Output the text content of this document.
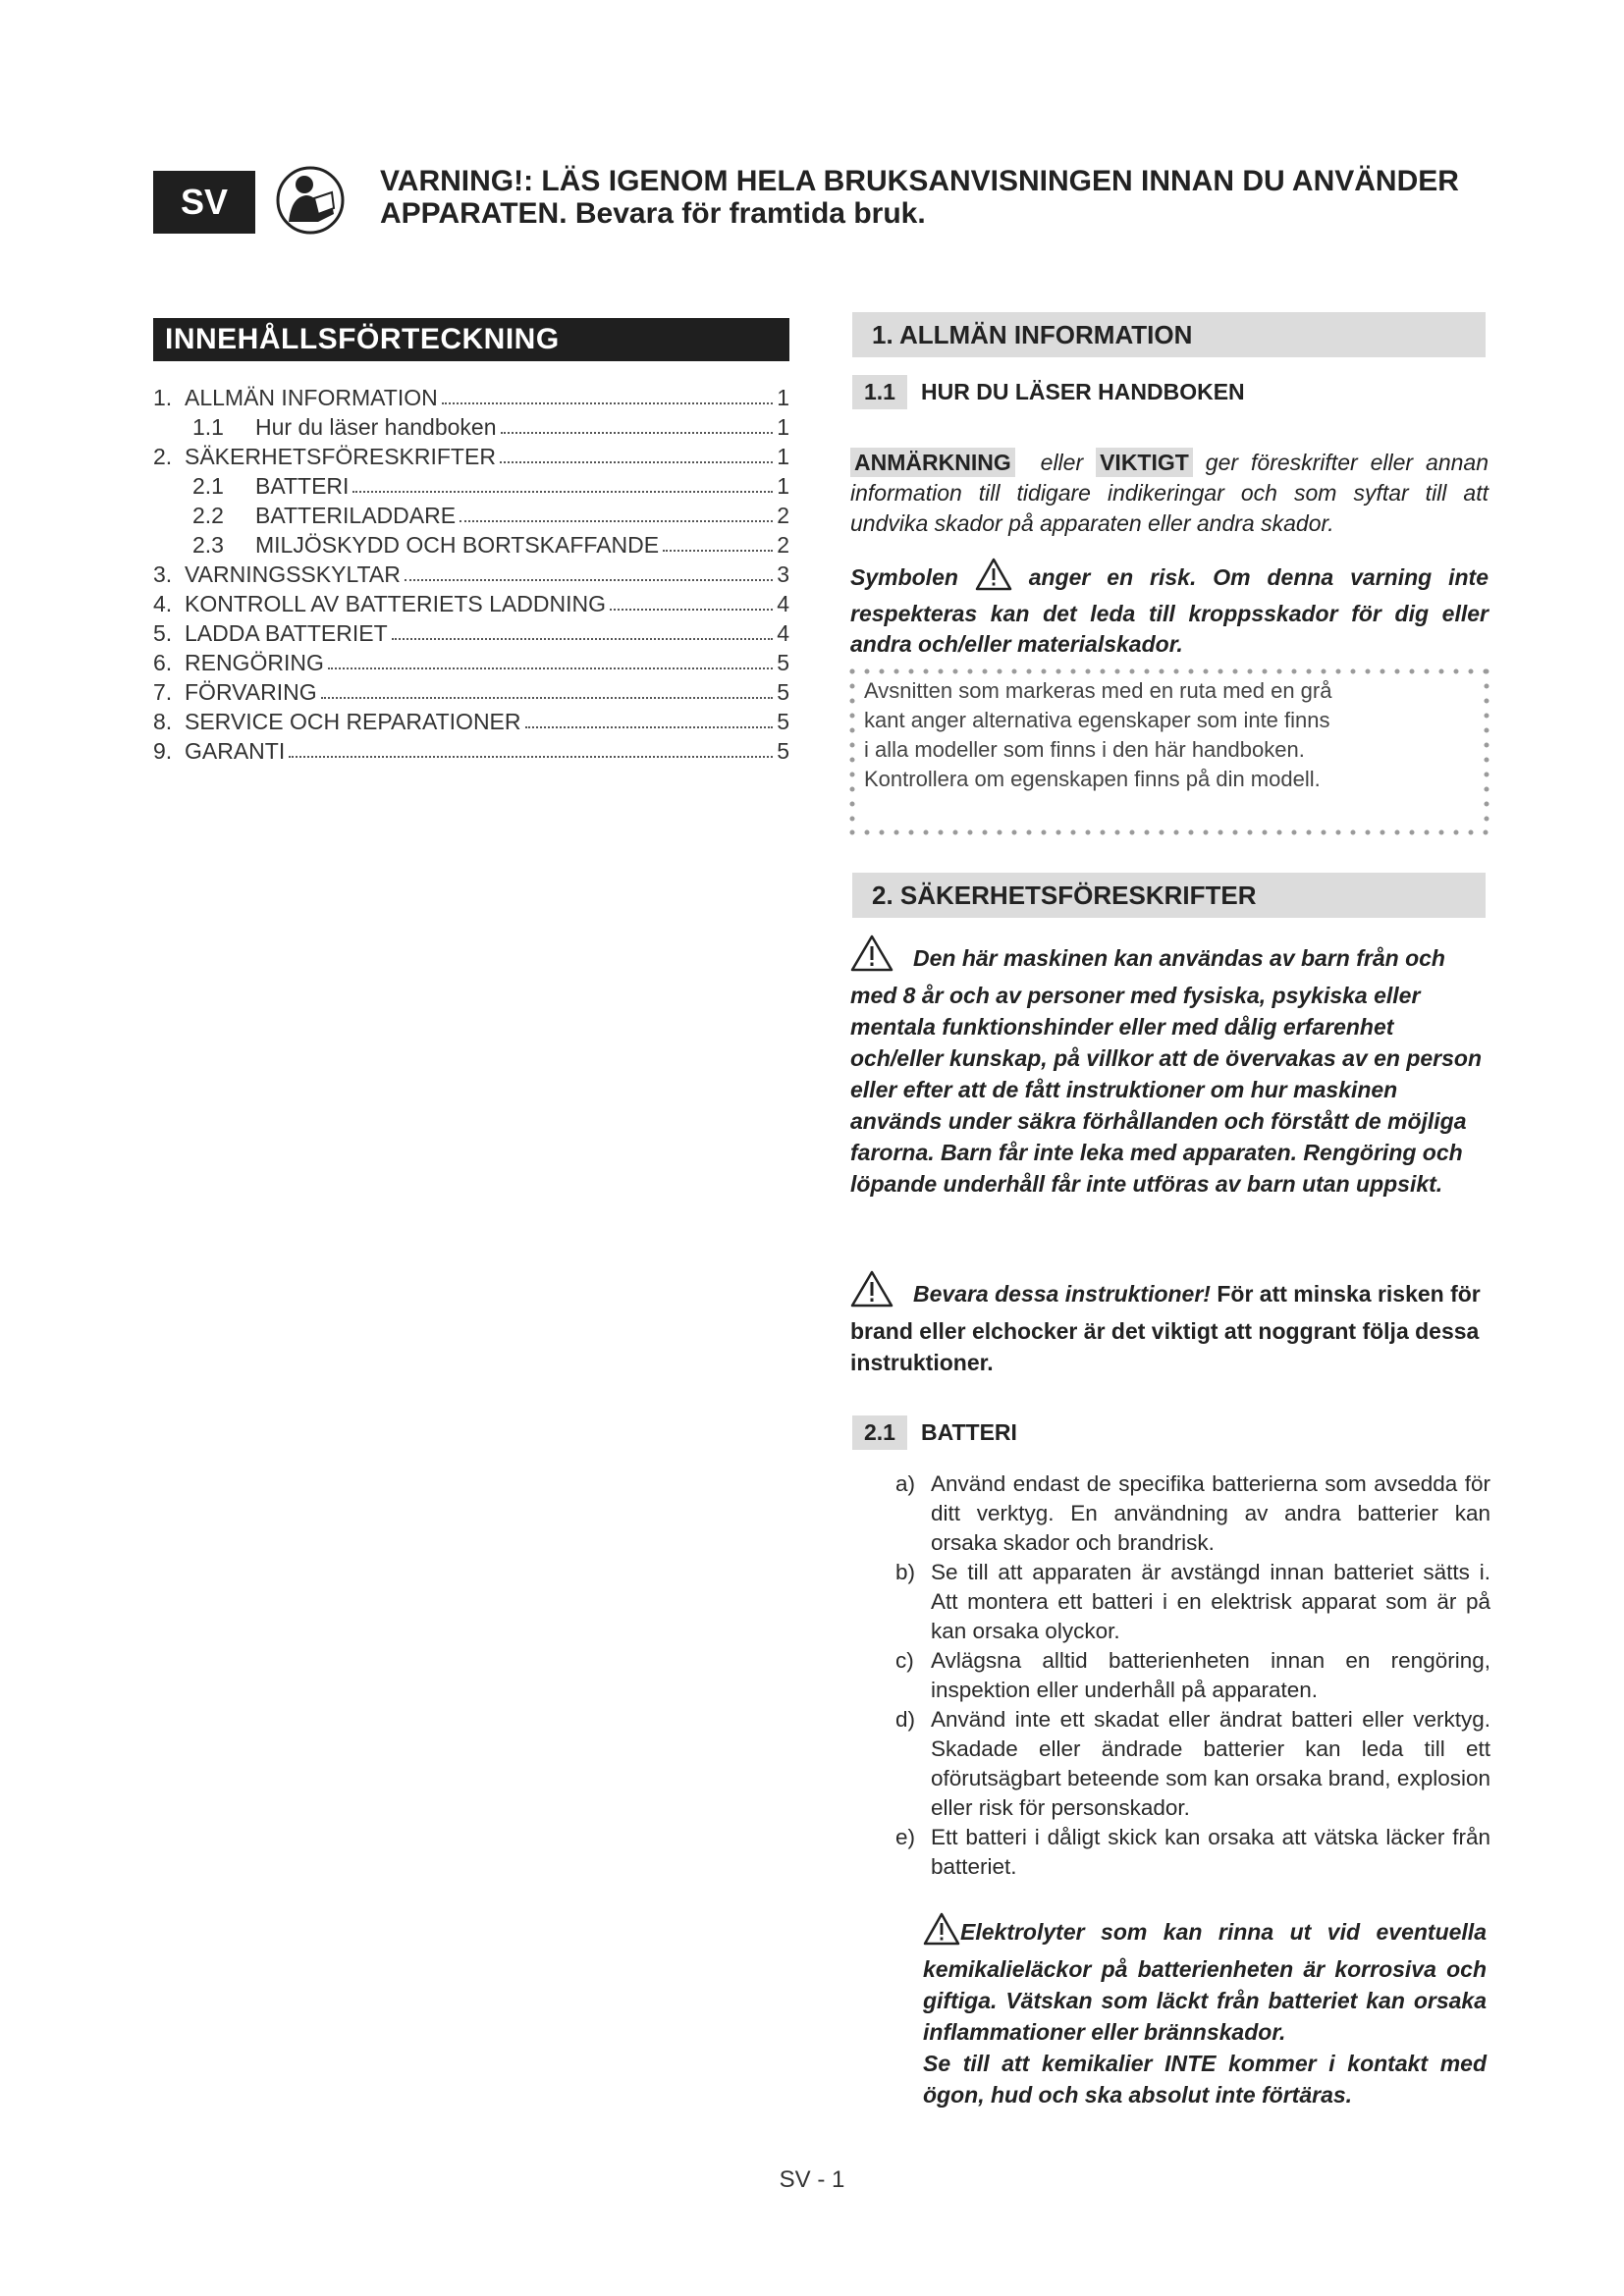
SV
VARNING!: LÄS IGENOM HELA BRUKSANVISNINGEN INNAN DU ANVÄNDER
APPARATEN. Bevara för framtida bruk.
INNEHÅLLSFÖRTECKNING
1. ALLMÄN INFORMATION	1
1.1	Hur du läser handboken	1
2. SÄKERHETSFÖRESKRIFTER	1
2.1	BATTERI	1
2.2	BATTERILADDARE	2
2.3	MILJÖSKYDD OCH BORTSKAFFANDE	2
3. VARNINGSSKYLTAR	3
4. KONTROLL AV BATTERIETS LADDNING	4
5. LADDA BATTERIET	4
6. RENGÖRING	5
7. FÖRVARING	5
8. SERVICE OCH REPARATIONER	5
9. GARANTI	5
1. ALLMÄN INFORMATION
1.1	HUR DU LÄSER HANDBOKEN
ANMÄRKNING eller VIKTIGT ger föreskrifter eller annan information till tidigare indikeringar och som syftar till att undvika skador på apparaten eller andra skador.
Symbolen	anger en risk. Om denna varning inte respekteras kan det leda till kroppsskador för dig eller andra och/eller materialskador.
Avsnitten som markeras med en ruta med en grå
kant anger alternativa egenskaper som inte finns
i alla modeller som finns i den här handboken.
Kontrollera om egenskapen finns på din modell.
2. SÄKERHETSFÖRESKRIFTER
Den här maskinen kan användas av barn från och med 8 år och av personer med fysiska, psykiska eller mentala funktionshinder eller med dålig erfarenhet och/eller kunskap, på villkor att de övervakas av en person eller efter att de fått instruktioner om hur maskinen används under säkra förhållanden och förstått de möjliga farorna. Barn får inte leka med apparaten. Rengöring och löpande underhåll får inte utföras av barn utan uppsikt.
Bevara dessa instruktioner! För att minska risken för brand eller elchocker är det viktigt att noggrant följa dessa instruktioner.
2.1	BATTERI
a) Använd endast de specifika batterierna som avsedda för ditt verktyg. En användning av andra batterier kan orsaka skador och brandrisk.
b) Se till att apparaten är avstängd innan batteriet sätts i. Att montera ett batteri i en elektrisk apparat som är på kan orsaka olyckor.
c) Avlägsna alltid batterienheten innan en rengöring, inspektion eller underhåll på apparaten.
d) Använd inte ett skadat eller ändrat batteri eller verktyg. Skadade eller ändrade batterier kan leda till ett oförutsägbart beteende som kan orsaka brand, explosion eller risk för personskador.
e) Ett batteri i dåligt skick kan orsaka att vätska läcker från batteriet.
Elektrolyter som kan rinna ut vid eventuella kemikalieläckor på batterienheten är korrosiva och giftiga. Vätskan som läckt från batteriet kan orsaka inflammationer eller brännskador.
Se till att kemikalier INTE kommer i kontakt med ögon, hud och ska absolut inte förtäras.
SV - 1
